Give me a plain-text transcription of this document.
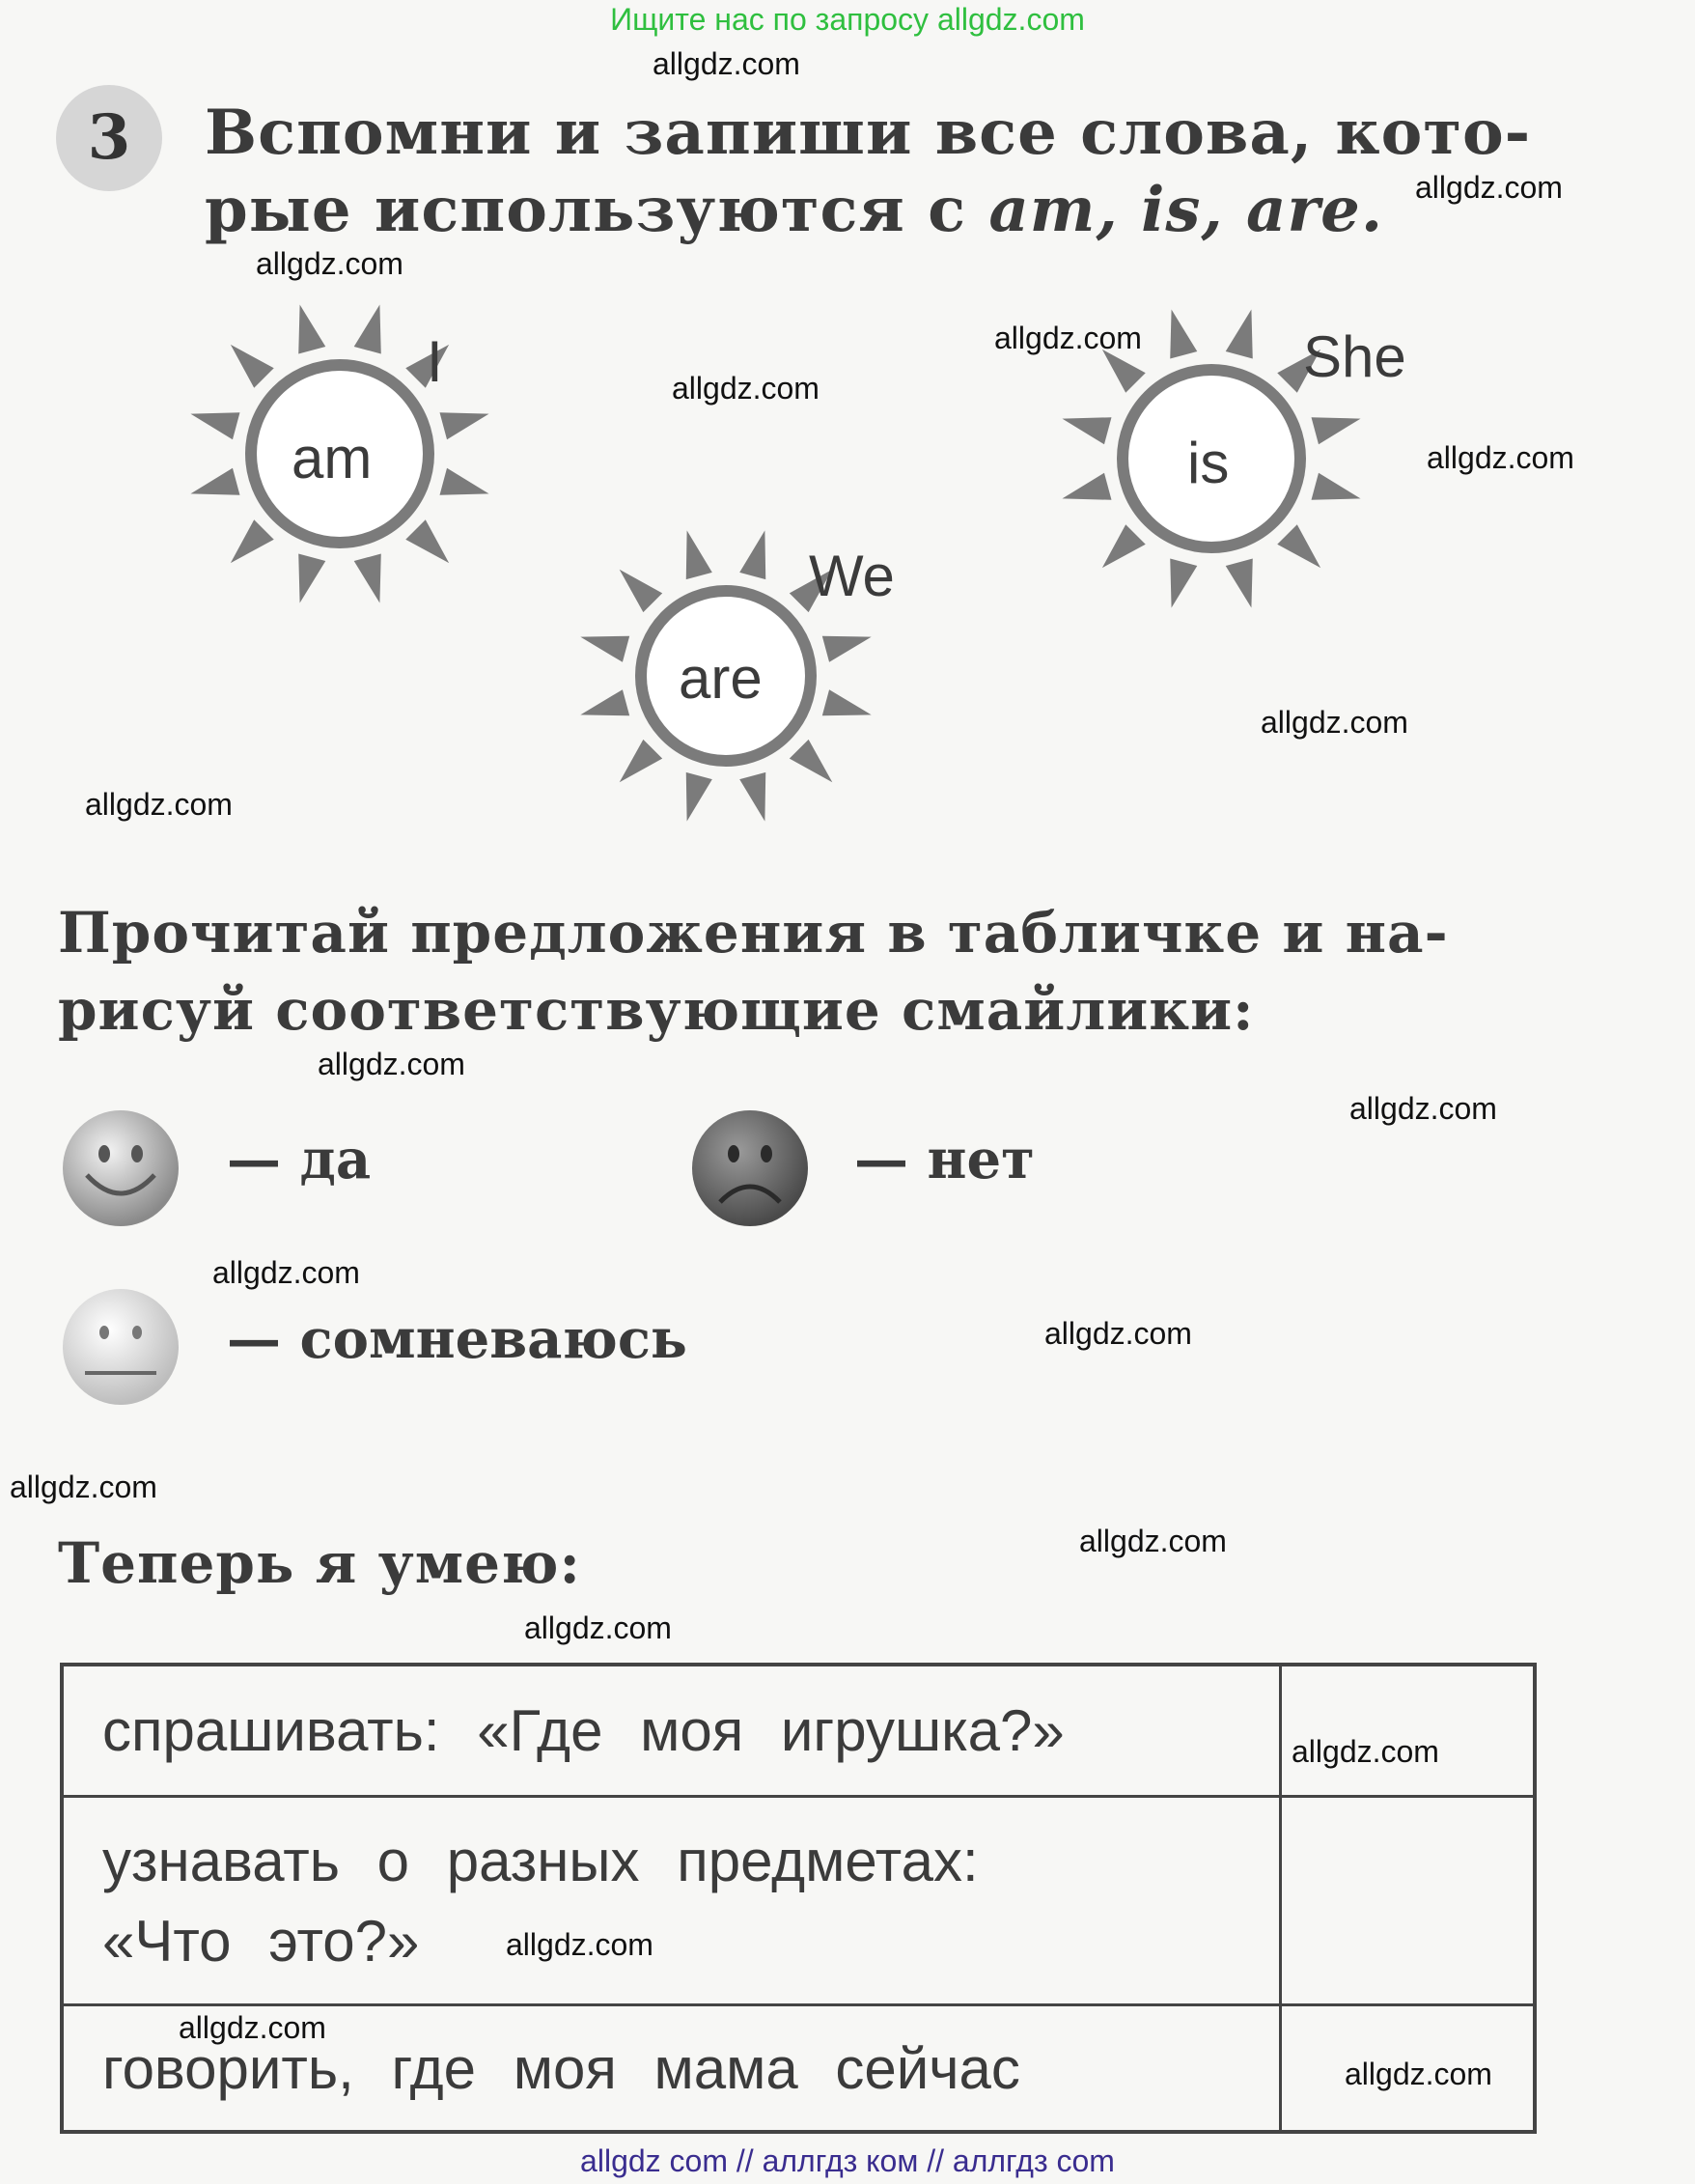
Ищите нас по запросу allgdz.com
3	Вспомни и запиши все слова, кото-
рые используются с am, is, are.
am
I
is
She
are
We
Прочитай предложения в табличке и на-
рисуй соответствующие смайлики:
— да	— нет
— сомневаюсь
Теперь я умею:
спрашивать: «Где моя игрушка?»	

узнавать о разных предметах:
«Что это?»	

говорить, где моя мама сейчас	
allgdz.com
allgdz.com
allgdz.com
allgdz.com
allgdz.com
allgdz.com
allgdz.com
allgdz.com
allgdz.com
allgdz.com
allgdz.com
allgdz.com
allgdz.com
allgdz.com
allgdz.com
allgdz.com
allgdz.com
allgdz.com
allgdz.com
allgdz com // аллгдз ком // аллгдз com
